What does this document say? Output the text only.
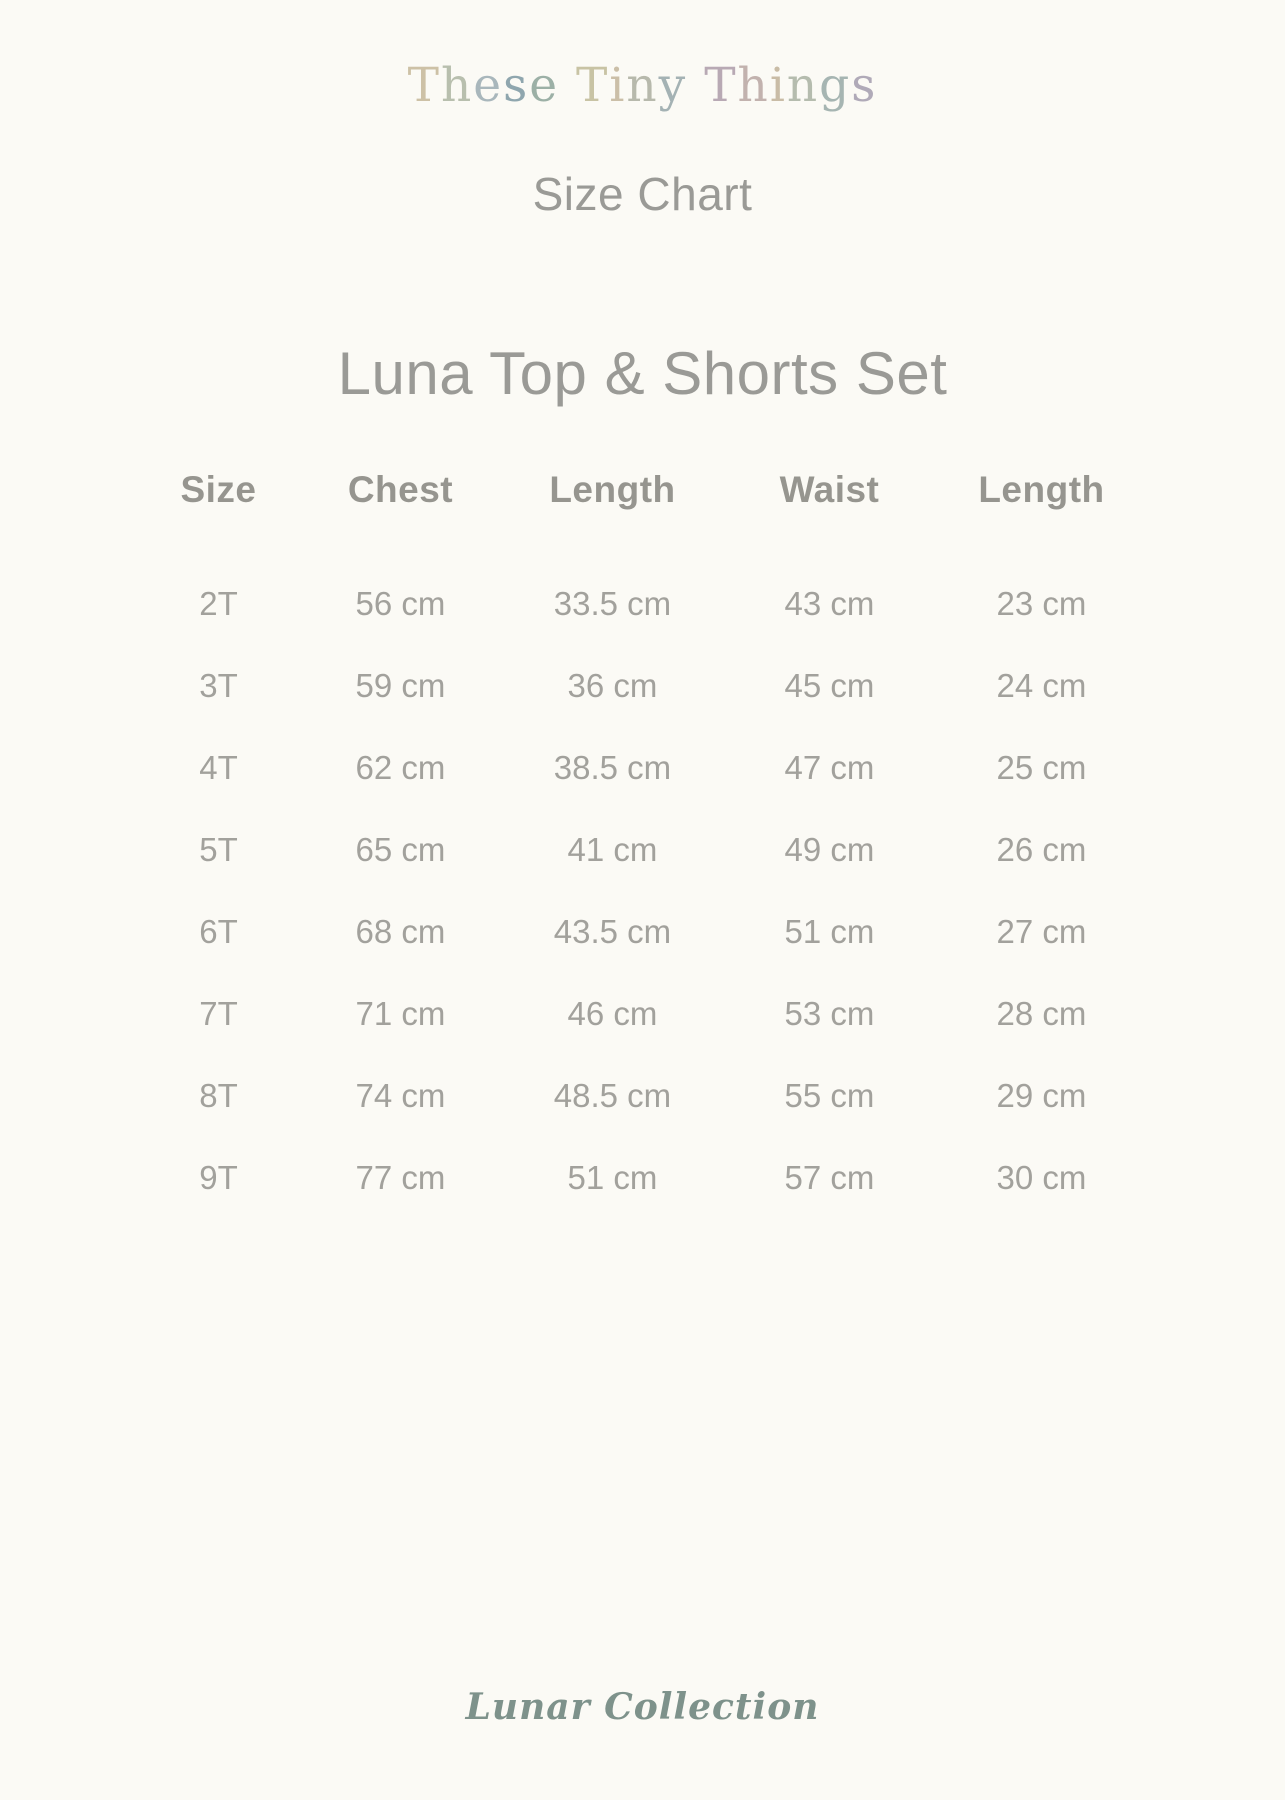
These Tiny Things
Size Chart
Luna Top & Shorts Set
Size	Chest	Length	Waist	Length
2T	56 cm	33.5 cm	43 cm	23 cm
3T	59 cm	36 cm	45 cm	24 cm
4T	62 cm	38.5 cm	47 cm	25 cm
5T	65 cm	41 cm	49 cm	26 cm
6T	68 cm	43.5 cm	51 cm	27 cm
7T	71 cm	46 cm	53 cm	28 cm
8T	74 cm	48.5 cm	55 cm	29 cm
9T	77 cm	51 cm	57 cm	30 cm
Lunar Collection
